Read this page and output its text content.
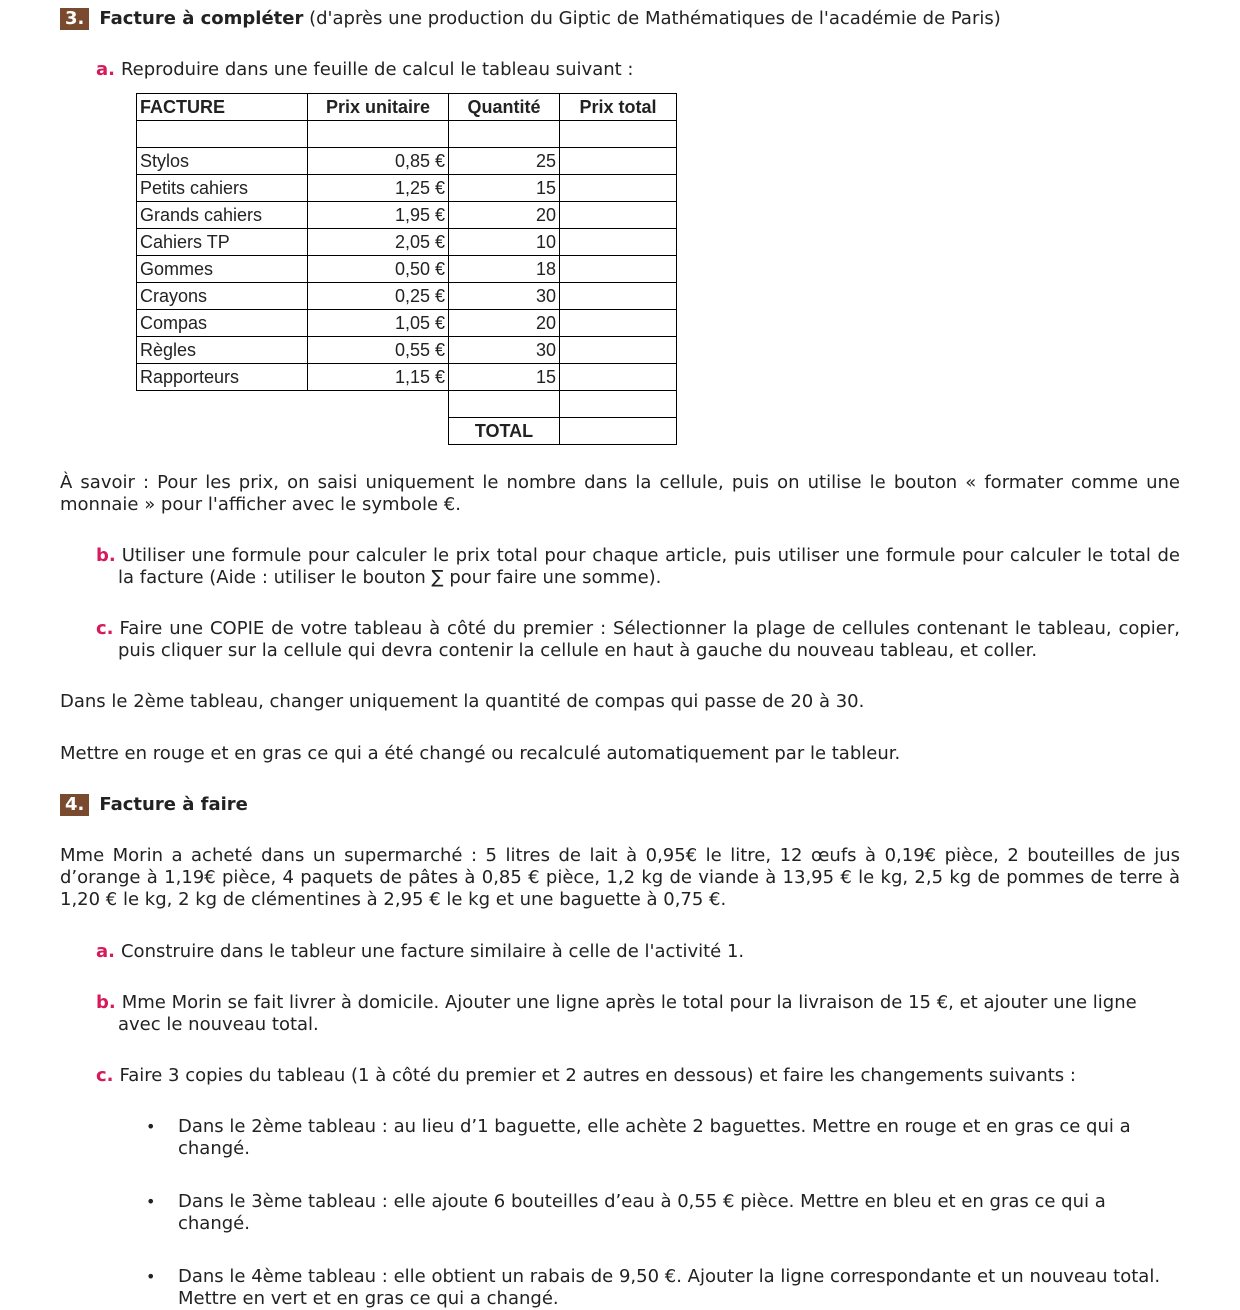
3. Facture à compléter (d'après une production du Giptic de Mathématiques de l'académie de Paris)
a. Reproduire dans une feuille de calcul le tableau suivant :
FACTURE	Prix unitaire	Quantité	Prix total

Stylos	0,85 €	25	
Petits cahiers	1,25 €	15	
Grands cahiers	1,95 €	20	
Cahiers TP	2,05 €	10	
Gommes	0,50 €	18	
Crayons	0,25 €	30	
Compas	1,05 €	20	
Règles	0,55 €	30	
Rapporteurs	1,15 €	15	

		TOTAL	
À savoir : Pour les prix, on saisi uniquement le nombre dans la cellule, puis on utilise le bouton « formater comme une monnaie » pour l'afficher avec le symbole €.
b. Utiliser une formule pour calculer le prix total pour chaque article, puis utiliser une formule pour calculer le total de la facture (Aide : utiliser le bouton ∑ pour faire une somme).
c. Faire une COPIE de votre tableau à côté du premier : Sélectionner la plage de cellules contenant le tableau, copier, puis cliquer sur la cellule qui devra contenir la cellule en haut à gauche du nouveau tableau, et coller.
Dans le 2ème tableau, changer uniquement la quantité de compas qui passe de 20 à 30.
Mettre en rouge et en gras ce qui a été changé ou recalculé automatiquement par le tableur.
4. Facture à faire
Mme Morin a acheté dans un supermarché : 5 litres de lait à 0,95€ le litre, 12 œufs à 0,19€ pièce, 2 bouteilles de jus d’orange à 1,19€ pièce, 4 paquets de pâtes à 0,85 € pièce, 1,2 kg de viande à 13,95 € le kg, 2,5 kg de pommes de terre à 1,20 € le kg, 2 kg de clémentines à 2,95 € le kg et une baguette à 0,75 €.
a. Construire dans le tableur une facture similaire à celle de l'activité 1.
b. Mme Morin se fait livrer à domicile. Ajouter une ligne après le total pour la livraison de 15 €, et ajouter une ligne avec le nouveau total.
c. Faire 3 copies du tableau (1 à côté du premier et 2 autres en dessous) et faire les changements suivants :
• Dans le 2ème tableau : au lieu d’1 baguette, elle achète 2 baguettes. Mettre en rouge et en gras ce qui a changé.
• Dans le 3ème tableau : elle ajoute 6 bouteilles d’eau à 0,55 € pièce. Mettre en bleu et en gras ce qui a changé.
• Dans le 4ème tableau : elle obtient un rabais de 9,50 €. Ajouter la ligne correspondante et un nouveau total. Mettre en vert et en gras ce qui a changé.
